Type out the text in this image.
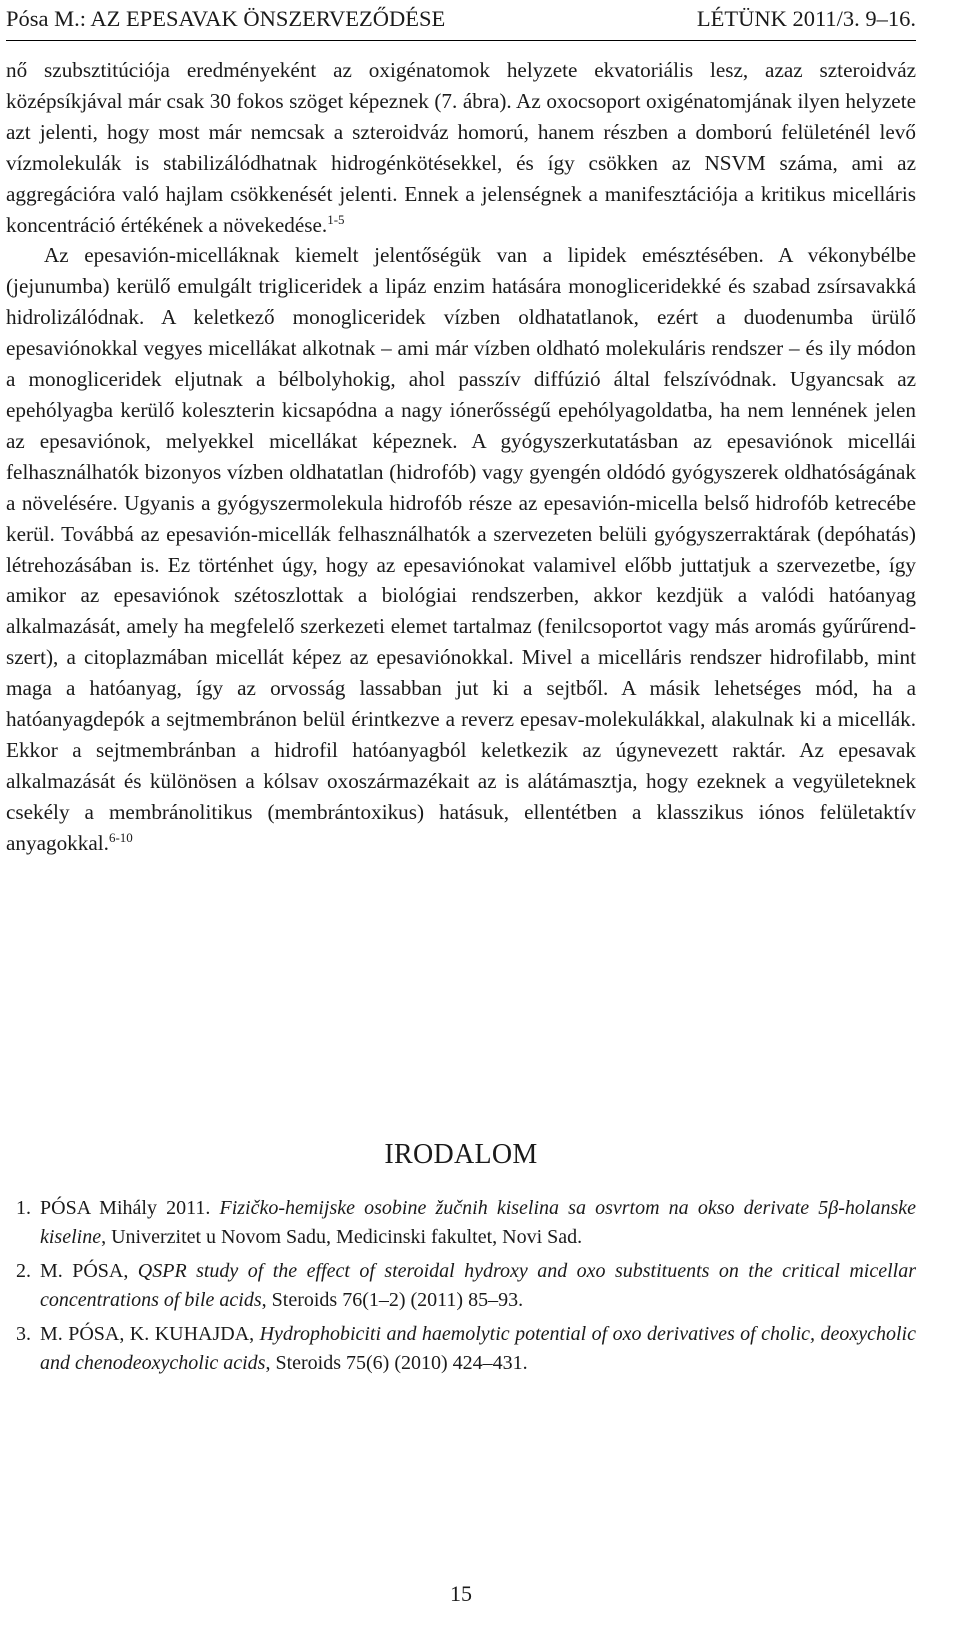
Pósa M.: AZ EPESAVAK ÖNSZERVEZŐDÉSE	LÉTÜNK 2011/3. 9–16.

nő szubsztitúciója eredményeként az oxigénatomok helyzete ekvatoriális lesz, azaz szteroidváz középsíkjával már csak 30 fokos szöget képeznek (7. ábra). Az oxocsoport oxigénatomjának ilyen helyzete azt jelenti, hogy most már nemcsak a szteroidváz homorú, hanem részben a domború felületénél levő vízmolekulák is stabilizálódhatnak hidrogénkötésekkel, és így csökken az NSVM száma, ami az aggregációra való hajlam csökkenését jelenti. Ennek a jelenségnek a manifesztációja a kritikus micelláris koncentráció értékének a növekedése.$^{1-5}$

Az epesavión-micelláknak kiemelt jelentőségük van a lipidek emésztésében. A vékonybélbe (jejunumba) kerülő emulgált trigliceridek a lipáz enzim hatására monogliceridekké és szabad zsírsavakká hidrolizálódnak. A keletkező monogliceridek vízben oldhatatlanok, ezért a duodenumba ürülő epesaviónokkal vegyes micellákat alkotnak – ami már vízben oldható molekuláris rendszer – és ily módon a monogliceridek eljutnak a bélbolyhokig, ahol passzív diffúzió által felszívódnak. Ugyancsak az epehólyagba kerülő koleszterin kicsapódna a nagy iónerősségű epehólyagoldatba, ha nem lennének jelen az epesaviónok, melyekkel micellákat képeznek. A gyógyszerkutatásban az epesaviónok micellái felhasználhatók bizonyos vízben oldhatatlan (hidrofób) vagy gyengén oldódó gyógyszerek oldhatóságának a növelésére. Ugyanis a gyógyszermolekula hidrofób része az epesavión-micella belső hidrofób ketrecébe kerül. Továbbá az epesavión-micellák felhasználhatók a szervezeten belüli gyógyszerraktárak (depóhatás) létrehozásában is. Ez történhet úgy, hogy az epesaviónokat valamivel előbb juttatjuk a szervezetbe, így amikor az epesaviónok szétoszlottak a biológiai rendszerben, akkor kezdjük a valódi hatóanyag alkalmazását, amely ha megfelelő szerkezeti elemet tartalmaz (fenilcsoportot vagy más aromás gyűrűrendszert), a citoplazmában micellát képez az epesaviónokkal. Mivel a micelláris rendszer hidrofilabb, mint maga a hatóanyag, így az orvosság lassabban jut ki a sejtből. A másik lehetséges mód, ha a hatóanyagdepók a sejtmembránon belül érintkezve a reverz epesav-molekulákkal, alakulnak ki a micellák. Ekkor a sejtmembránban a hidrofil hatóanyagból keletkezik az úgynevezett raktár. Az epesavak alkalmazását és különösen a kólsav oxoszármazékait az is alátámasztja, hogy ezeknek a vegyületeknek csekély a membránolitikus (membrántoxikus) hatásuk, ellentétben a klasszikus iónos felületaktív anyagokkal.$^{6-10}$

IRODALOM
1. PÓSA Mihály 2011. Fizičko-hemijske osobine žučnih kiselina sa osvrtom na okso derivate 5β-holanske kiseline, Univerzitet u Novom Sadu, Medicinski fakultet, Novi Sad.
2. M. PÓSA, QSPR study of the effect of steroidal hydroxy and oxo substituents on the critical micellar concentrations of bile acids, Steroids 76(1–2) (2011) 85–93.
3. M. PÓSA, K. KUHAJDA, Hydrophobiciti and haemolytic potential of oxo derivatives of cholic, deoxycholic and chenodeoxycholic acids, Steroids 75(6) (2010) 424–431.
15
